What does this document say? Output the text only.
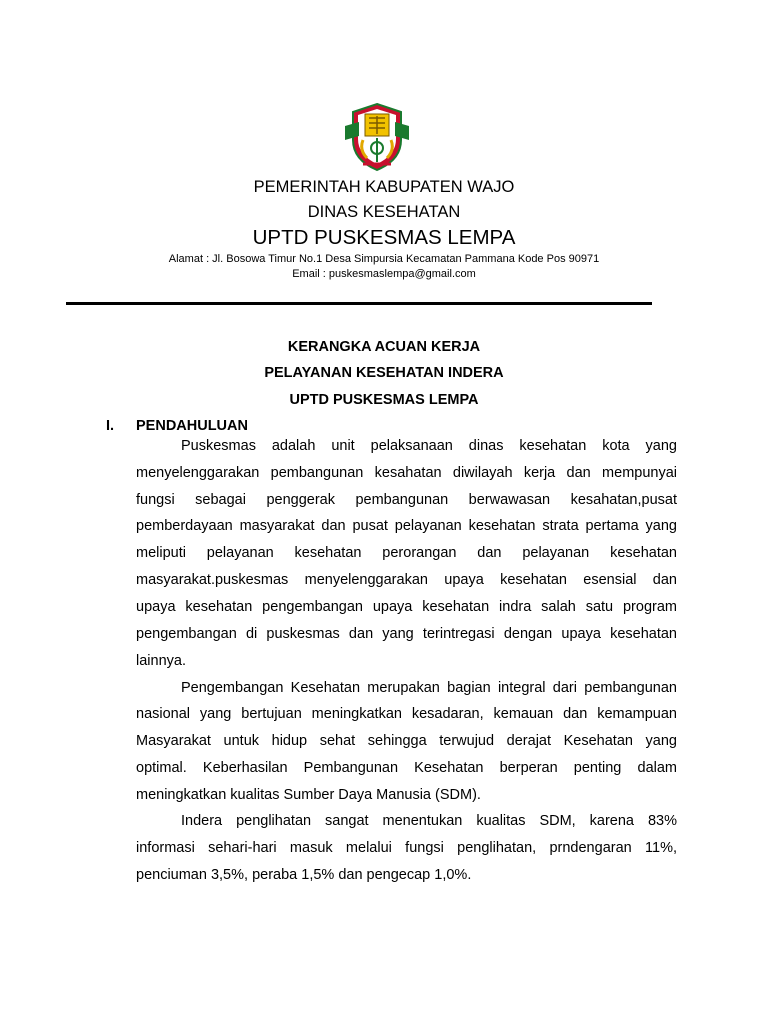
PEMERINTAH KABUPATEN WAJO
DINAS KESEHATAN
UPTD PUSKESMAS LEMPA
Alamat : Jl. Bosowa Timur No.1 Desa Simpursia Kecamatan Pammana Kode Pos 90971
Email : puskesmaslempa@gmail.com
KERANGKA ACUAN KERJA
PELAYANAN KESEHATAN INDERA
UPTD PUSKESMAS LEMPA
I. PENDAHULUAN
Puskesmas adalah unit pelaksanaan dinas kesehatan kota yang
menyelenggarakan pembangunan kesahatan diwilayah kerja dan mempunyai
fungsi sebagai penggerak pembangunan berwawasan kesahatan,pusat
pemberdayaan masyarakat dan pusat pelayanan kesehatan strata pertama yang
meliputi pelayanan kesehatan perorangan dan pelayanan kesehatan
masyarakat.puskesmas menyelenggarakan upaya kesehatan esensial dan
upaya kesehatan pengembangan upaya kesehatan indra salah satu program
pengembangan di puskesmas dan yang terintregasi dengan upaya kesehatan
lainnya.
Pengembangan Kesehatan merupakan bagian integral dari pembangunan
nasional yang bertujuan meningkatkan kesadaran, kemauan dan kemampuan
Masyarakat untuk hidup sehat sehingga terwujud derajat Kesehatan yang
optimal. Keberhasilan Pembangunan Kesehatan berperan penting dalam
meningkatkan kualitas Sumber Daya Manusia (SDM).
Indera penglihatan sangat menentukan kualitas SDM, karena 83%
informasi sehari-hari masuk melalui fungsi penglihatan, prndengaran 11%,
penciuman 3,5%, peraba 1,5% dan pengecap 1,0%.
